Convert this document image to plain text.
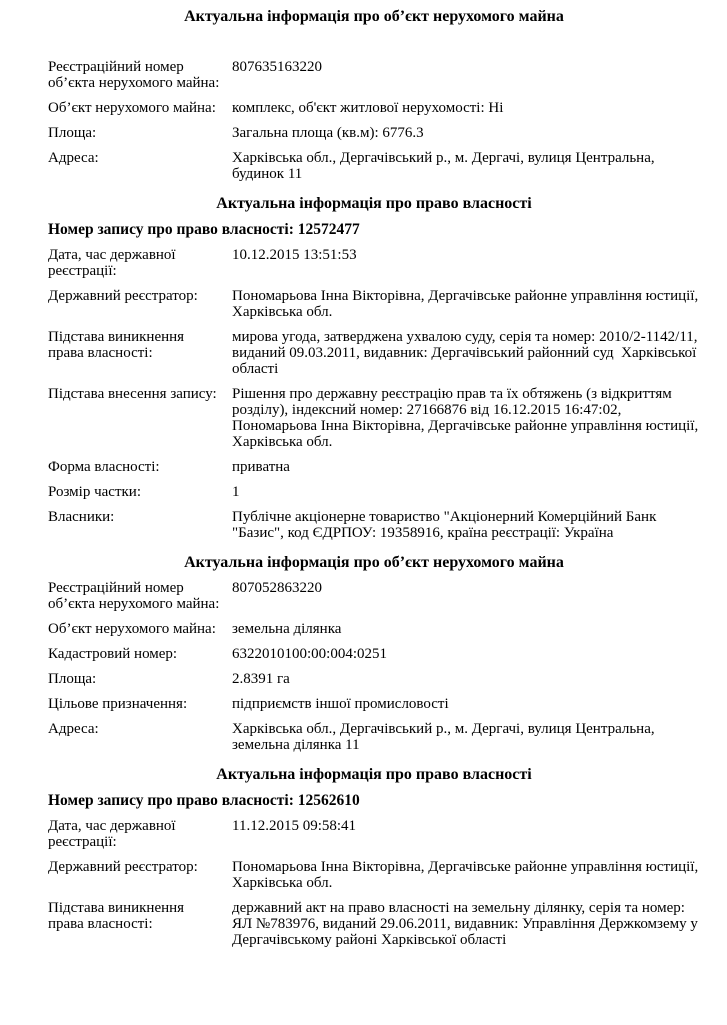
Актуальна інформація про об’єкт нерухомого майна
Реєстраційний номер об’єкта нерухомого майна:
807635163220
Об’єкт нерухомого майна:	комплекс, об'єкт житлової нерухомості: Ні
Площа:	Загальна площа (кв.м): 6776.3
Адреса:	Харківська обл., Дергачівський р., м. Дергачі, вулиця Центральна, будинок 11
Актуальна інформація про право власності
Номер запису про право власності: 12572477
Дата, час державної реєстрації:
10.12.2015 13:51:53
Державний реєстратор:	Пономарьова Інна Вікторівна, Дергачівське районне управління юстиції, Харківська обл.
Підстава виникнення права власності:
мирова угода, затверджена ухвалою суду, серія та номер: 2010/2-1142/11, виданий 09.03.2011, видавник: Дергачівський районний суд  Харківської області
Підстава внесення запису:	Рішення про державну реєстрацію прав та їх обтяжень (з відкриттям розділу), індексний номер: 27166876 від 16.12.2015 16:47:02, Пономарьова Інна Вікторівна, Дергачівське районне управління юстиції, Харківська обл.
Форма власності:	приватна
Розмір частки:	1
Власники:	Публічне акціонерне товариство "Акціонерний Комерційний Банк "Базис", код ЄДРПОУ: 19358916, країна реєстрації: Україна
Актуальна інформація про об’єкт нерухомого майна
Реєстраційний номер об’єкта нерухомого майна:
807052863220
Об’єкт нерухомого майна:	земельна ділянка
Кадастровий номер:	6322010100:00:004:0251
Площа:	2.8391 га
Цільове призначення:	підприємств іншої промисловості
Адреса:	Харківська обл., Дергачівський р., м. Дергачі, вулиця Центральна, земельна ділянка 11
Актуальна інформація про право власності
Номер запису про право власності: 12562610
Дата, час державної реєстрації:
11.12.2015 09:58:41
Державний реєстратор:	Пономарьова Інна Вікторівна, Дергачівське районне управління юстиції, Харківська обл.
Підстава виникнення права власності:
державний акт на право власності на земельну ділянку, серія та номер: ЯЛ №783976, виданий 29.06.2011, видавник: Управління Держкомзему у Дергачівському районі Харківської області
